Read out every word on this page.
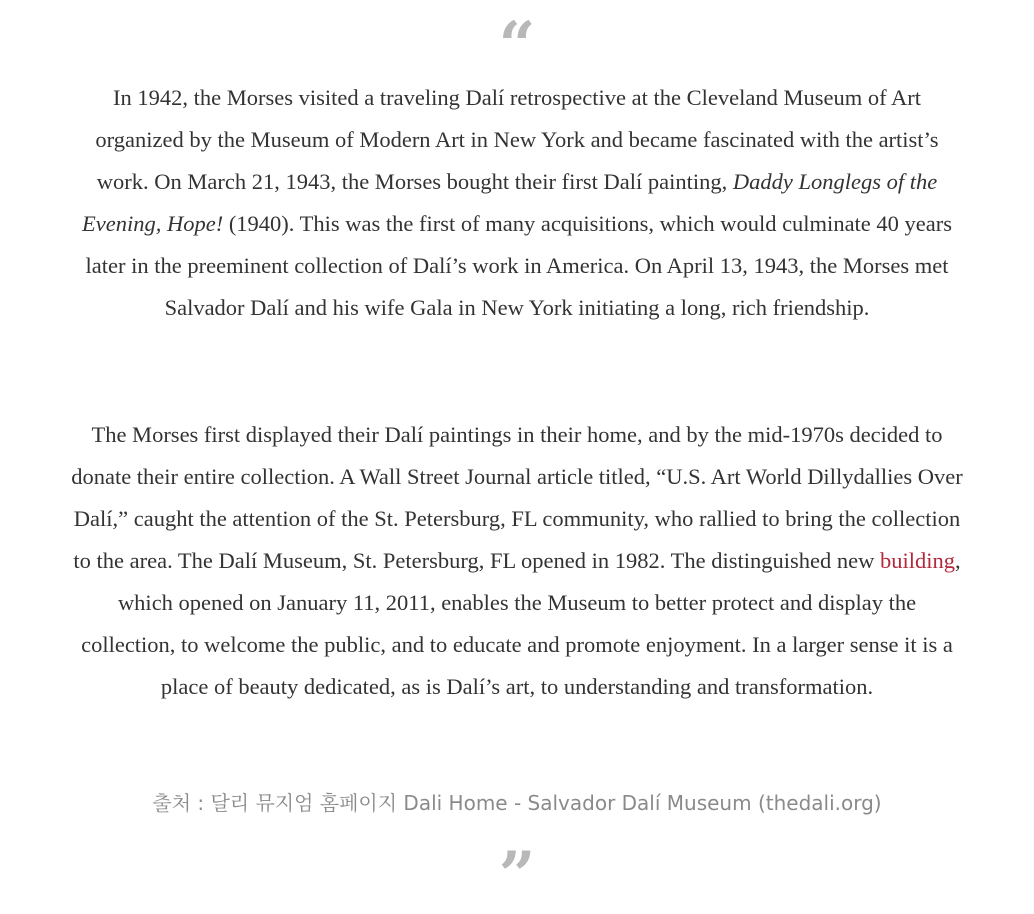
“

In 1942, the Morses visited a traveling Dalí retrospective at the Cleveland Museum of Art organized by the Museum of Modern Art in New York and became fascinated with the artist’s work. On March 21, 1943, the Morses bought their first Dalí painting, Daddy Longlegs of the Evening, Hope! (1940). This was the first of many acquisitions, which would culminate 40 years later in the preeminent collection of Dalí’s work in America. On April 13, 1943, the Morses met Salvador Dalí and his wife Gala in New York initiating a long, rich friendship.

The Morses first displayed their Dalí paintings in their home, and by the mid-1970s decided to donate their entire collection. A Wall Street Journal article titled, “U.S. Art World Dillydallies Over Dalí,” caught the attention of the St. Petersburg, FL community, who rallied to bring the collection to the area. The Dalí Museum, St. Petersburg, FL opened in 1982. The distinguished new building, which opened on January 11, 2011, enables the Museum to better protect and display the collection, to welcome the public, and to educate and promote enjoyment. In a larger sense it is a place of beauty dedicated, as is Dalí’s art, to understanding and transformation.

출처 : 달리 뮤지엄 홈페이지 Dali Home - Salvador Dalí Museum (thedali.org)
”
